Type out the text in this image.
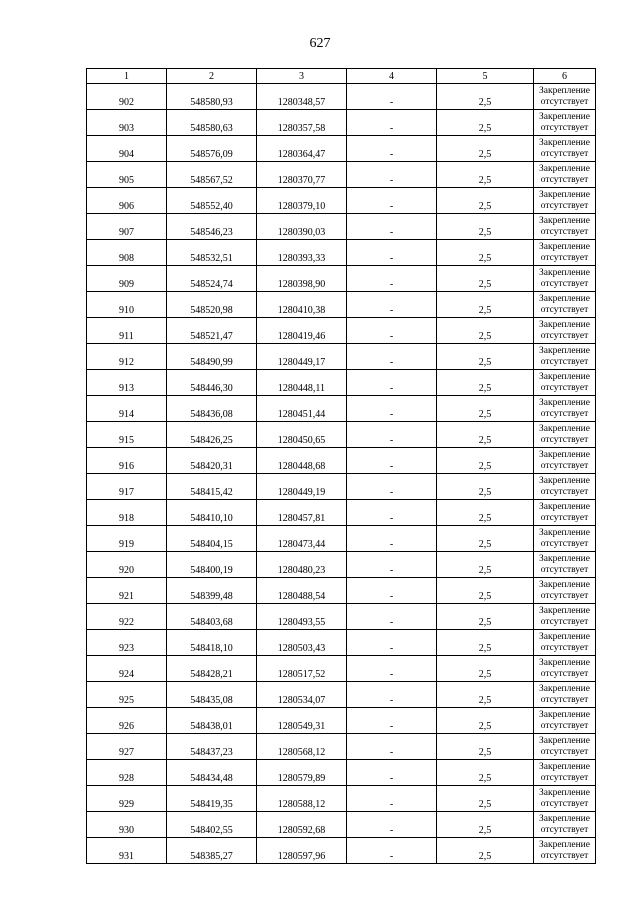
627
1	2	3	4	5	6
902	548580,93	1280348,57	-	2,5	Закрепление отсутствует
903	548580,63	1280357,58	-	2,5	Закрепление отсутствует
904	548576,09	1280364,47	-	2,5	Закрепление отсутствует
905	548567,52	1280370,77	-	2,5	Закрепление отсутствует
906	548552,40	1280379,10	-	2,5	Закрепление отсутствует
907	548546,23	1280390,03	-	2,5	Закрепление отсутствует
908	548532,51	1280393,33	-	2,5	Закрепление отсутствует
909	548524,74	1280398,90	-	2,5	Закрепление отсутствует
910	548520,98	1280410,38	-	2,5	Закрепление отсутствует
911	548521,47	1280419,46	-	2,5	Закрепление отсутствует
912	548490,99	1280449,17	-	2,5	Закрепление отсутствует
913	548446,30	1280448,11	-	2,5	Закрепление отсутствует
914	548436,08	1280451,44	-	2,5	Закрепление отсутствует
915	548426,25	1280450,65	-	2,5	Закрепление отсутствует
916	548420,31	1280448,68	-	2,5	Закрепление отсутствует
917	548415,42	1280449,19	-	2,5	Закрепление отсутствует
918	548410,10	1280457,81	-	2,5	Закрепление отсутствует
919	548404,15	1280473,44	-	2,5	Закрепление отсутствует
920	548400,19	1280480,23	-	2,5	Закрепление отсутствует
921	548399,48	1280488,54	-	2,5	Закрепление отсутствует
922	548403,68	1280493,55	-	2,5	Закрепление отсутствует
923	548418,10	1280503,43	-	2,5	Закрепление отсутствует
924	548428,21	1280517,52	-	2,5	Закрепление отсутствует
925	548435,08	1280534,07	-	2,5	Закрепление отсутствует
926	548438,01	1280549,31	-	2,5	Закрепление отсутствует
927	548437,23	1280568,12	-	2,5	Закрепление отсутствует
928	548434,48	1280579,89	-	2,5	Закрепление отсутствует
929	548419,35	1280588,12	-	2,5	Закрепление отсутствует
930	548402,55	1280592,68	-	2,5	Закрепление отсутствует
931	548385,27	1280597,96	-	2,5	Закрепление отсутствует
